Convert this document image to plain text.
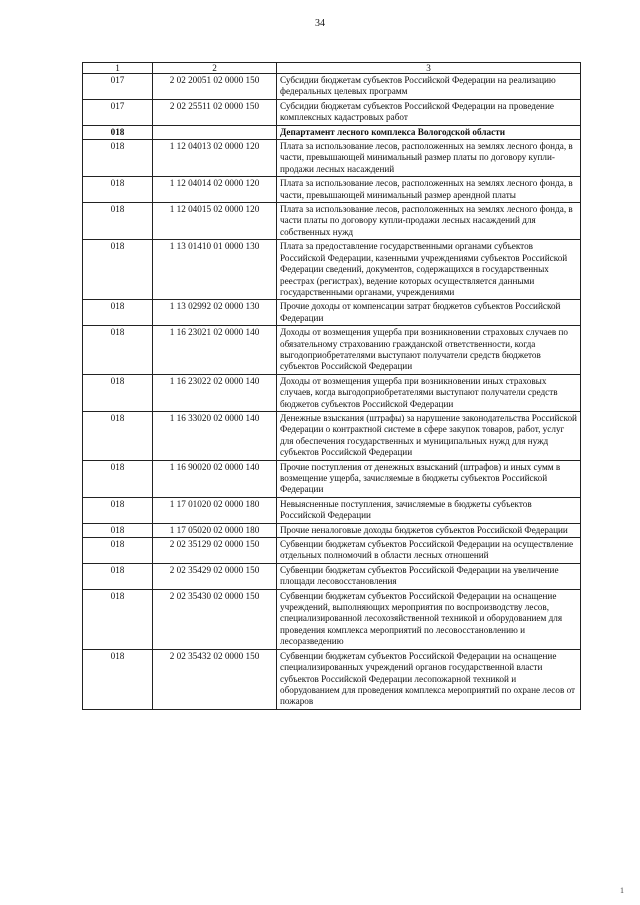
34
1	2	3
017	2 02 20051 02 0000 150	Субсидии бюджетам субъектов Российской Федерации на реализацию федеральных целевых программ
017	2 02 25511 02 0000 150	Субсидии бюджетам субъектов Российской Федерации на проведение комплексных кадастровых работ
018		Департамент лесного комплекса Вологодской области
018	1 12 04013 02 0000 120	Плата за использование лесов, расположенных на землях лесного фонда, в части, превышающей минимальный размер платы по договору купли-продажи лесных насаждений
018	1 12 04014 02 0000 120	Плата за использование лесов, расположенных на землях лесного фонда, в части, превышающей минимальный размер арендной платы
018	1 12 04015 02 0000 120	Плата за использование лесов, расположенных на землях лесного фонда, в части платы по договору купли-продажи лесных насаждений для собственных нужд
018	1 13 01410 01 0000 130	Плата за предоставление государственными органами субъектов Российской Федерации, казенными учреждениями субъектов Российской Федерации сведений, документов, содержащихся в государственных реестрах (регистрах), ведение которых осуществляется данными государственными органами, учреждениями
018	1 13 02992 02 0000 130	Прочие доходы от компенсации затрат бюджетов субъектов Российской Федерации
018	1 16 23021 02 0000 140	Доходы от возмещения ущерба при возникновении страховых случаев по обязательному страхованию гражданской ответственности, когда выгодоприобретателями выступают получатели средств бюджетов субъектов Российской Федерации
018	1 16 23022 02 0000 140	Доходы от возмещения ущерба при возникновении иных страховых случаев, когда выгодоприобретателями выступают получатели средств бюджетов субъектов Российской Федерации
018	1 16 33020 02 0000 140	Денежные взыскания (штрафы) за нарушение законодательства Российской Федерации о контрактной системе в сфере закупок товаров, работ, услуг для обеспечения государственных и муниципальных нужд для нужд субъектов Российской Федерации
018	1 16 90020 02 0000 140	Прочие поступления от денежных взысканий (штрафов) и иных сумм в возмещение ущерба, зачисляемые в бюджеты субъектов Российской Федерации
018	1 17 01020 02 0000 180	Невыясненные поступления, зачисляемые в бюджеты субъектов Российской Федерации
018	1 17 05020 02 0000 180	Прочие неналоговые доходы бюджетов субъектов Российской Федерации
018	2 02 35129 02 0000 150	Субвенции бюджетам субъектов Российской Федерации на осуществление отдельных полномочий в области лесных отношений
018	2 02 35429 02 0000 150	Субвенции бюджетам субъектов Российской Федерации на увеличение площади лесовосстановления
018	2 02 35430 02 0000 150	Субвенции бюджетам субъектов Российской Федерации на оснащение учреждений, выполняющих мероприятия по воспроизводству лесов, специализированной лесохозяйственной техникой и оборудованием для проведения комплекса мероприятий по лесовосстановлению и лесоразведению
018	2 02 35432 02 0000 150	Субвенции бюджетам субъектов Российской Федерации на оснащение специализированных учреждений органов государственной власти субъектов Российской Федерации лесопожарной техникой и оборудованием для проведения комплекса мероприятий по охране лесов от пожаров
1
